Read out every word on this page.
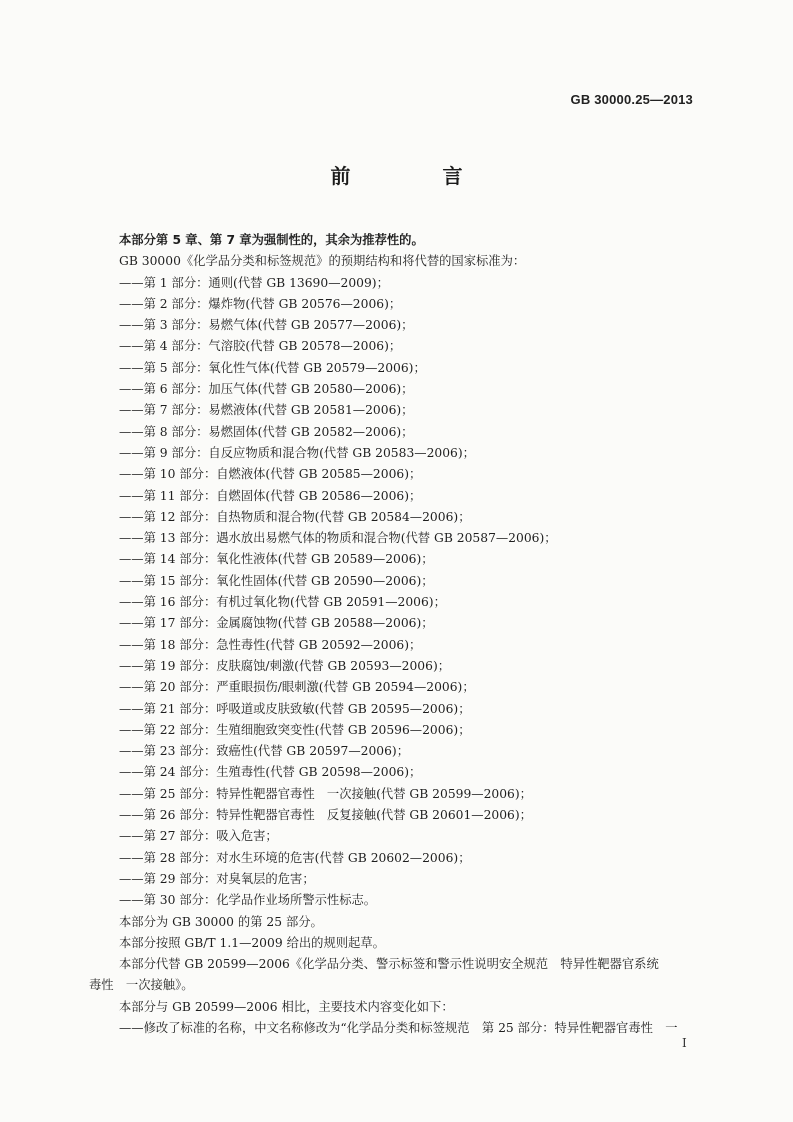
GB 30000.25—2013
前　言
本部分第 5 章、第 7 章为强制性的，其余为推荐性的。
GB 30000《化学品分类和标签规范》的预期结构和将代替的国家标准为：
——第 1 部分：通则(代替 GB 13690—2009)；
——第 2 部分：爆炸物(代替 GB 20576—2006)；
——第 3 部分：易燃气体(代替 GB 20577—2006)；
——第 4 部分：气溶胶(代替 GB 20578—2006)；
——第 5 部分：氧化性气体(代替 GB 20579—2006)；
——第 6 部分：加压气体(代替 GB 20580—2006)；
——第 7 部分：易燃液体(代替 GB 20581—2006)；
——第 8 部分：易燃固体(代替 GB 20582—2006)；
——第 9 部分：自反应物质和混合物(代替 GB 20583—2006)；
——第 10 部分：自燃液体(代替 GB 20585—2006)；
——第 11 部分：自燃固体(代替 GB 20586—2006)；
——第 12 部分：自热物质和混合物(代替 GB 20584—2006)；
——第 13 部分：遇水放出易燃气体的物质和混合物(代替 GB 20587—2006)；
——第 14 部分：氧化性液体(代替 GB 20589—2006)；
——第 15 部分：氧化性固体(代替 GB 20590—2006)；
——第 16 部分：有机过氧化物(代替 GB 20591—2006)；
——第 17 部分：金属腐蚀物(代替 GB 20588—2006)；
——第 18 部分：急性毒性(代替 GB 20592—2006)；
——第 19 部分：皮肤腐蚀/刺激(代替 GB 20593—2006)；
——第 20 部分：严重眼损伤/眼刺激(代替 GB 20594—2006)；
——第 21 部分：呼吸道或皮肤致敏(代替 GB 20595—2006)；
——第 22 部分：生殖细胞致突变性(代替 GB 20596—2006)；
——第 23 部分：致癌性(代替 GB 20597—2006)；
——第 24 部分：生殖毒性(代替 GB 20598—2006)；
——第 25 部分：特异性靶器官毒性　一次接触(代替 GB 20599—2006)；
——第 26 部分：特异性靶器官毒性　反复接触(代替 GB 20601—2006)；
——第 27 部分：吸入危害；
——第 28 部分：对水生环境的危害(代替 GB 20602—2006)；
——第 29 部分：对臭氧层的危害；
——第 30 部分：化学品作业场所警示性标志。
本部分为 GB 30000 的第 25 部分。
本部分按照 GB/T 1.1—2009 给出的规则起草。
本部分代替 GB 20599—2006《化学品分类、警示标签和警示性说明安全规范　特异性靶器官系统
毒性　一次接触》。
本部分与 GB 20599—2006 相比，主要技术内容变化如下：
——修改了标准的名称，中文名称修改为“化学品分类和标签规范　第 25 部分：特异性靶器官毒性　一
I
